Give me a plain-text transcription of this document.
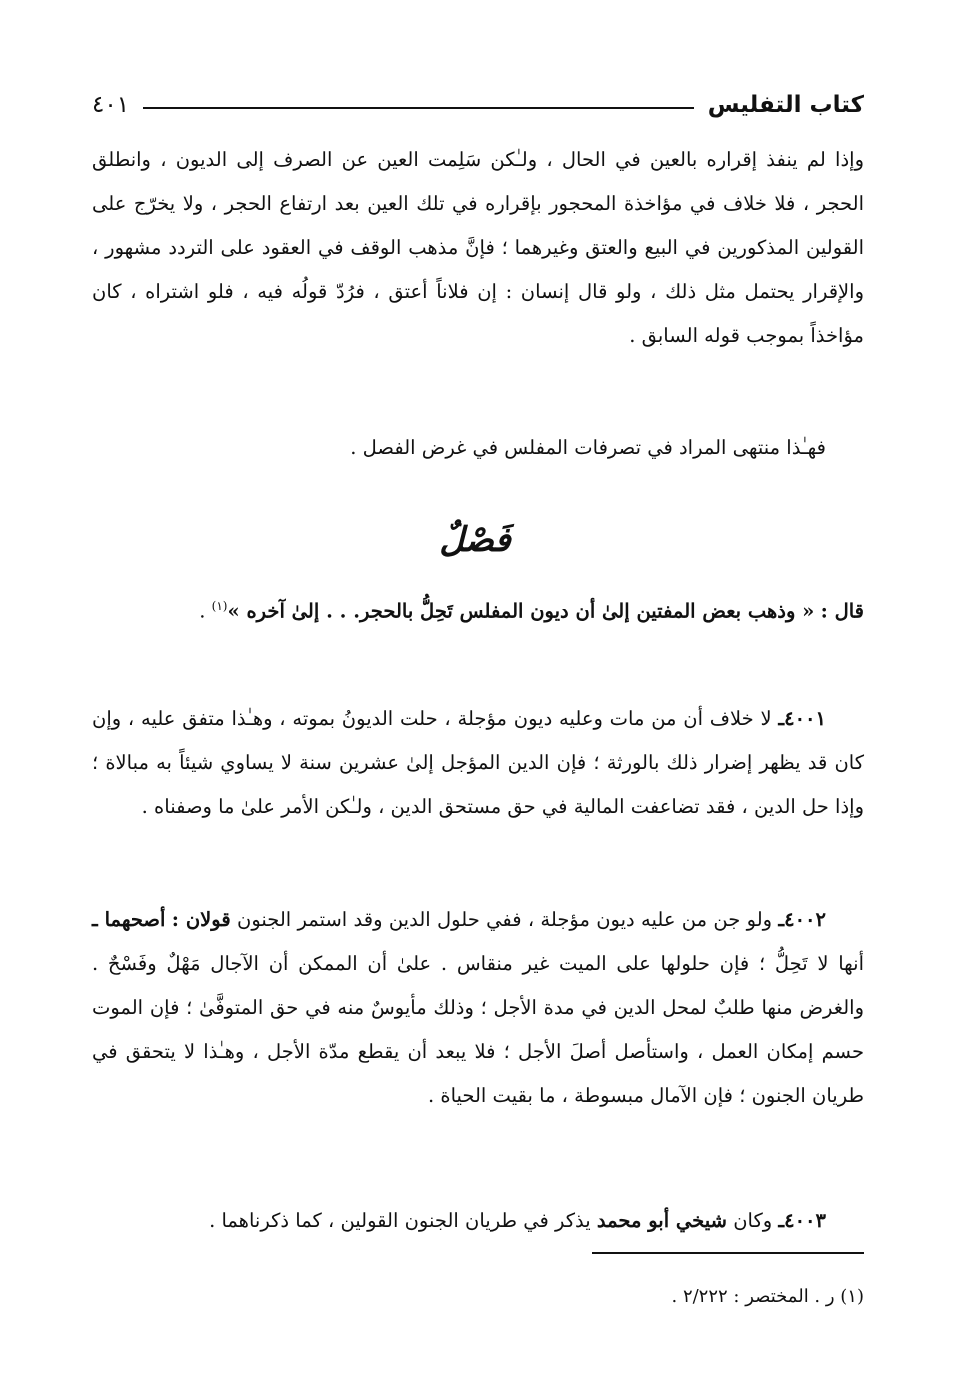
كتاب التفليس
٤٠١

وإذا لم ينفذ إقراره بالعين في الحال ، ولـٰكن سَلِمت العين عن الصرف إلى الديون ، وانطلق الحجر ، فلا خلاف في مؤاخذة المحجور بإقراره في تلك العين بعد ارتفاع الحجر ، ولا يخرّج على القولين المذكورين في البيع والعتق وغيرهما ؛ فإنَّ مذهب الوقف في العقود على التردد مشهور ، والإقرار يحتمل مثل ذلك ، ولو قال إنسان : إن فلاناً أعتق ، فرُدّ قولُه فيه ، فلو اشتراه ، كان مؤاخذاً بموجب قوله السابق .

فهـٰذا منتهى المراد في تصرفات المفلس في غرض الفصل .

فَصْلٌ

قال : « وذهب بعض المفتين إلىٰ أن ديون المفلس تَحِلُّ بالحجر. . . إلىٰ آخره »$^{(١)}$ .

٤٠٠١ـ لا خلاف أن من مات وعليه ديون مؤجلة ، حلت الديونُ بموته ، وهـٰذا متفق عليه ، وإن كان قد يظهر إضرار ذلك بالورثة ؛ فإن الدين المؤجل إلىٰ عشرين سنة لا يساوي شيئاً به مبالاة ؛ وإذا حل الدين ، فقد تضاعفت المالية في حق مستحق الدين ، ولـٰكن الأمر علىٰ ما وصفناه .

٤٠٠٢ـ ولو جن من عليه ديون مؤجلة ، ففي حلول الدين وقد استمر الجنون قولان : أصحهما ـ أنها لا تَحِلُّ ؛ فإن حلولها على الميت غير منقاس . علىٰ أن الممكن أن الآجال مَهْلٌ وفَسْحٌ . والغرض منها طلبٌ لمحل الدين في مدة الأجل ؛ وذلك مأيوسٌ منه في حق المتوفَّىٰ ؛ فإن الموت حسم إمكان العمل ، واستأصل أصلَ الأجل ؛ فلا يبعد أن يقطع مدّة الأجل ، وهـٰذا لا يتحقق في طريان الجنون ؛ فإن الآمال مبسوطة ، ما بقيت الحياة .

٤٠٠٣ـ وكان شيخي أبو محمد يذكر في طريان الجنون القولين ، كما ذكرناهما .

(١) ر . المختصر : ٢/٢٢٢ .
